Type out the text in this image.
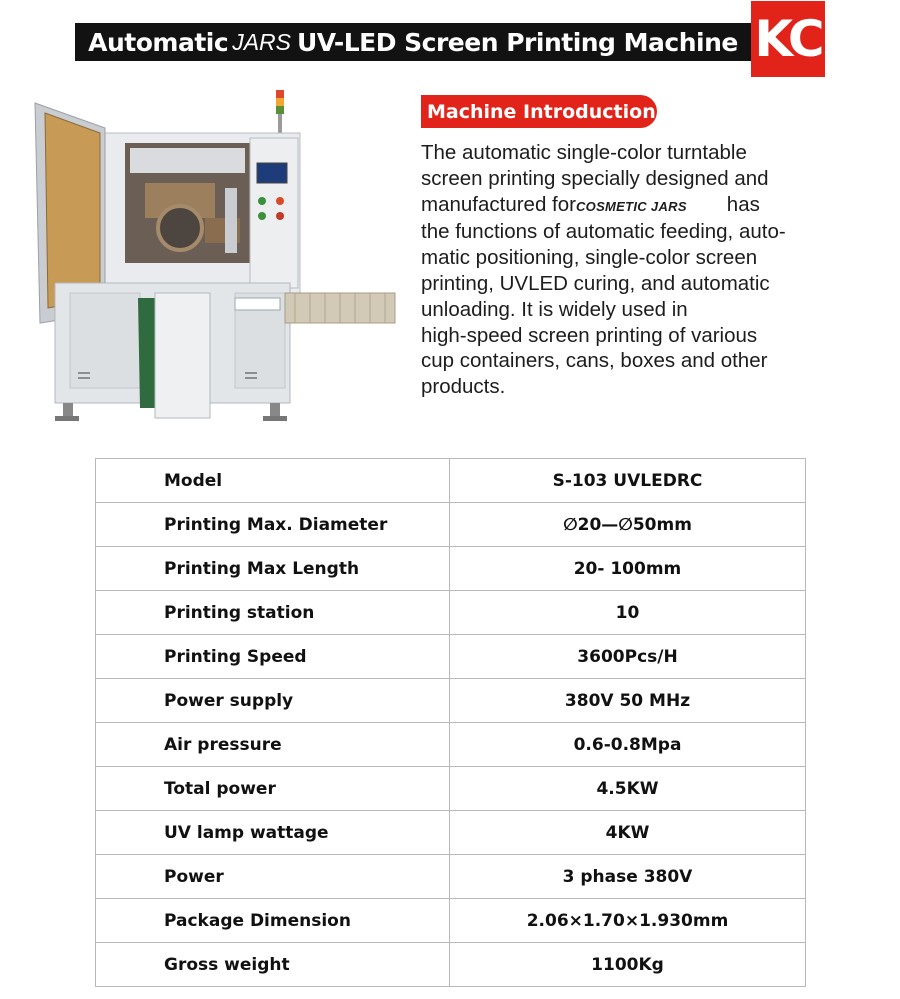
Automatic JARS UV-LED Screen Printing Machine KC
Machine Introduction
The automatic single-color turntable
screen printing specially designed and
manufactured forCOSMETIC JARS has
the functions of automatic feeding, auto-
matic positioning, single-color screen
printing, UVLED curing, and automatic
unloading. It is widely used in
high-speed screen printing of various
cup containers, cans, boxes and other
products.
Model	S-103 UVLEDRC
Printing Max. Diameter	∅20—∅50mm
Printing Max Length	20- 100mm
Printing station	10
Printing Speed	3600Pcs/H
Power supply	380V 50 MHz
Air pressure	0.6-0.8Mpa
Total power	4.5KW
UV lamp wattage	4KW
Power	3 phase 380V
Package Dimension	2.06×1.70×1.930mm
Gross weight	1100Kg
